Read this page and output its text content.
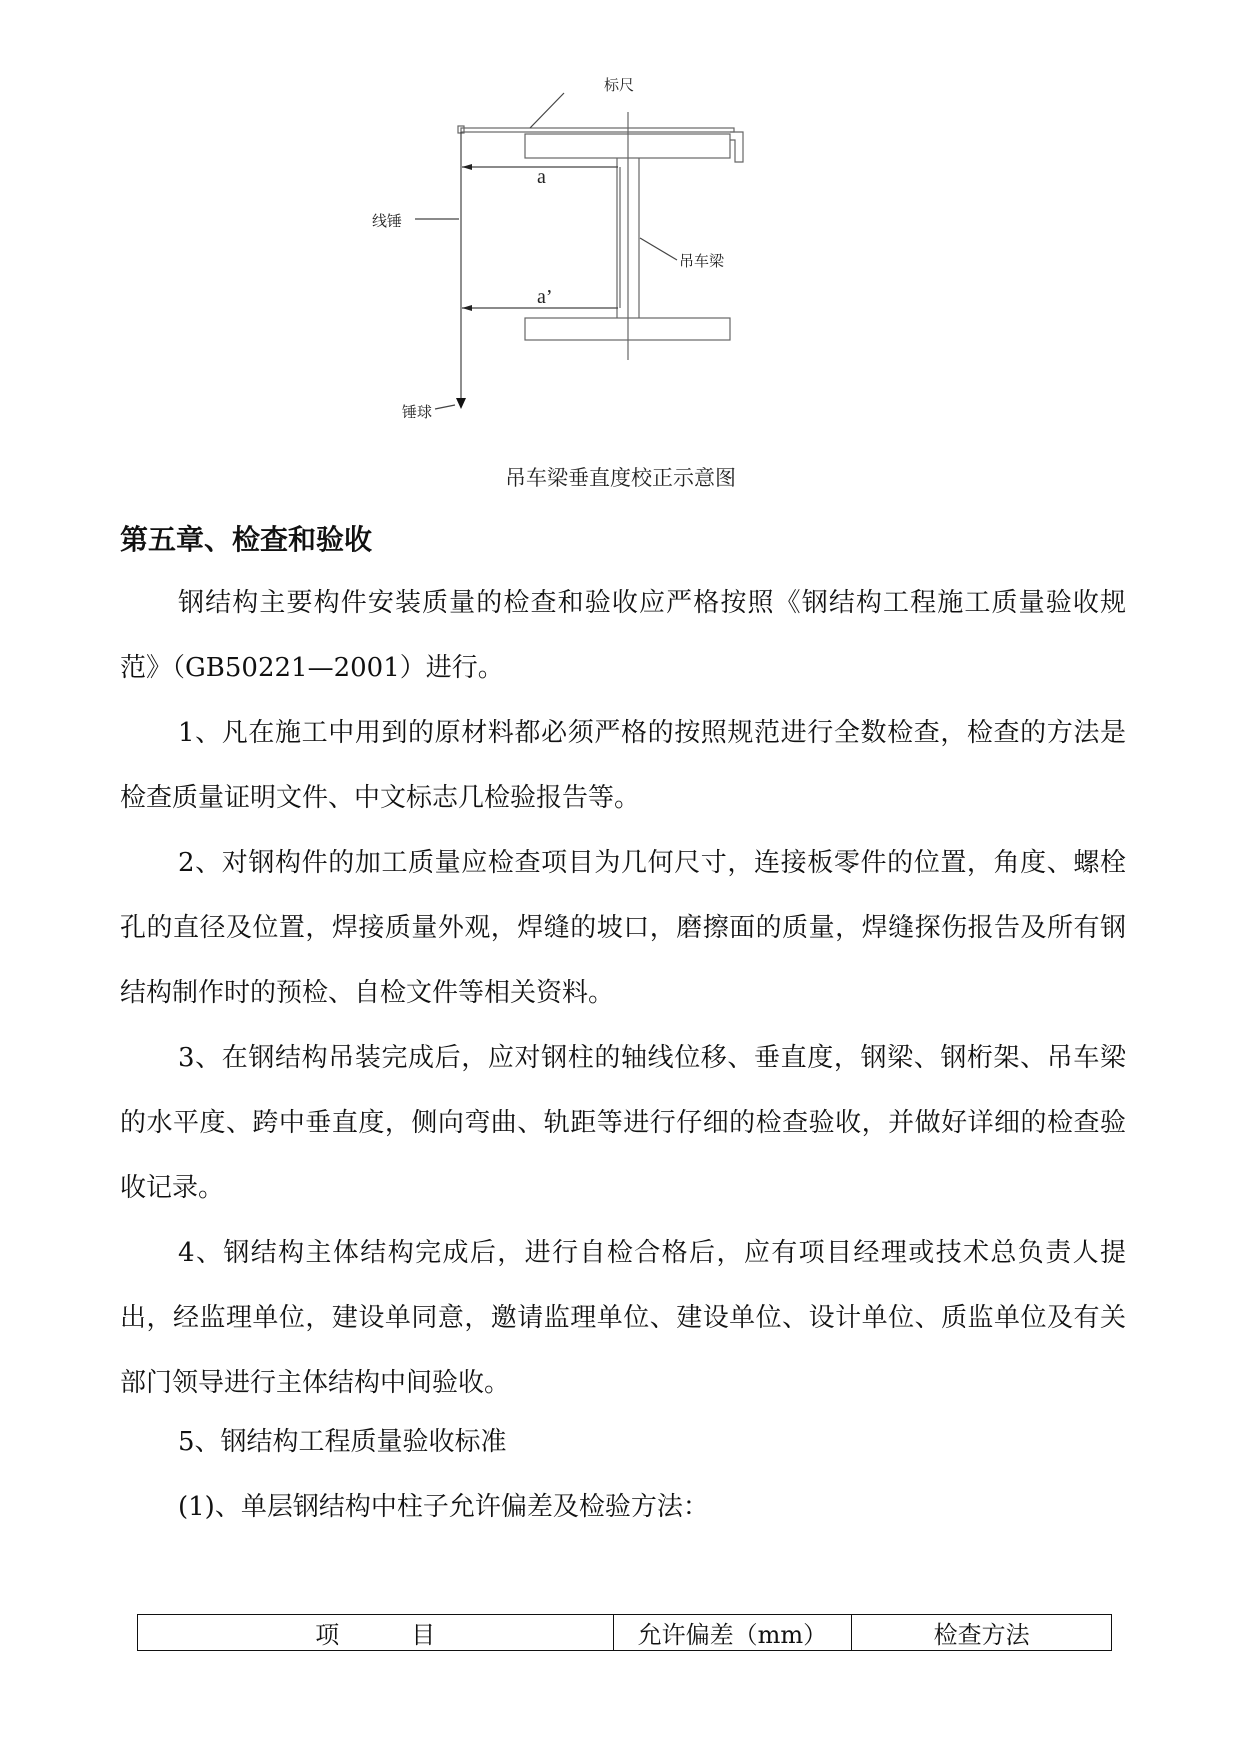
标尺
线锤
吊车梁
锤球
a
a’
吊车梁垂直度校正示意图
第五章、检查和验收

钢结构主要构件安装质量的检查和验收应严格按照《钢结构工程施工质量验收规范》（GB50221—2001）进行。

1、凡在施工中用到的原材料都必须严格的按照规范进行全数检查，检查的方法是检查质量证明文件、中文标志几检验报告等。

2、对钢构件的加工质量应检查项目为几何尺寸，连接板零件的位置，角度、螺栓孔的直径及位置，焊接质量外观，焊缝的坡口，磨擦面的质量，焊缝探伤报告及所有钢结构制作时的预检、自检文件等相关资料。

3、在钢结构吊装完成后，应对钢柱的轴线位移、垂直度，钢梁、钢桁架、吊车梁的水平度、跨中垂直度，侧向弯曲、轨距等进行仔细的检查验收，并做好详细的检查验收记录。

4、钢结构主体结构完成后，进行自检合格后，应有项目经理或技术总负责人提出，经监理单位，建设单同意，邀请监理单位、建设单位、设计单位、质监单位及有关部门领导进行主体结构中间验收。

5、钢结构工程质量验收标准
(1)、单层钢结构中柱子允许偏差及检验方法：
项　　　目	允许偏差（mm）	检查方法
